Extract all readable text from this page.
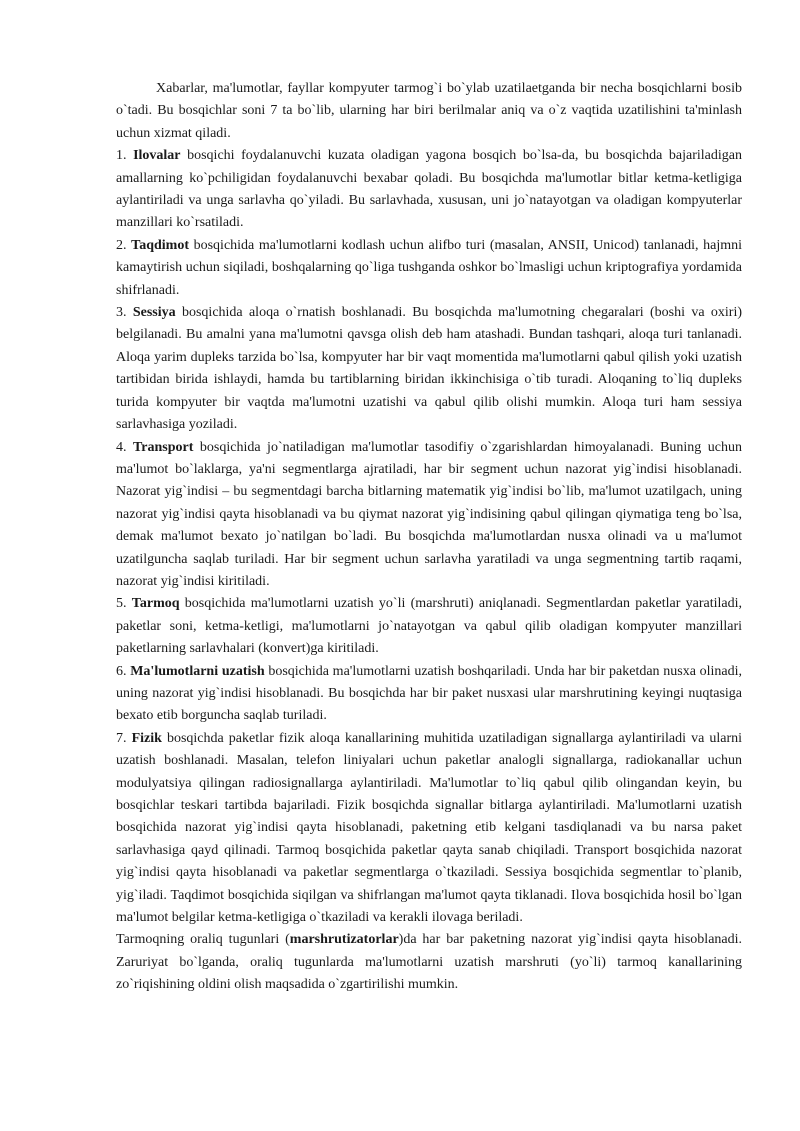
Xabarlar, ma'lumotlar, fayllar kompyuter tarmog`i bo`ylab uzatilaetganda bir necha bosqichlarni bosib o`tadi. Bu bosqichlar soni 7 ta bo`lib, ularning har biri berilmalar aniq va o`z vaqtida uzatilishini ta'minlash uchun xizmat qiladi.

1. Ilovalar bosqichi foydalanuvchi kuzata oladigan yagona bosqich bo`lsa-da, bu bosqichda bajariladigan amallarning ko`pchiligidan foydalanuvchi bexabar qoladi. Bu bosqichda ma'lumotlar bitlar ketma-ketligiga aylantiriladi va unga sarlavha qo`yiladi. Bu sarlavhada, xususan, uni jo`natayotgan va oladigan kompyuterlar manzillari ko`rsatiladi.

2. Taqdimot bosqichida ma'lumotlarni kodlash uchun alifbo turi (masalan, ANSII, Unicod) tanlanadi, hajmni kamaytirish uchun siqiladi, boshqalarning qo`liga tushganda oshkor bo`lmasligi uchun kriptografiya yordamida shifrlanadi.

3. Sessiya bosqichida aloqa o`rnatish boshlanadi. Bu bosqichda ma'lumotning chegaralari (boshi va oxiri) belgilanadi. Bu amalni yana ma'lumotni qavsga olish deb ham atashadi. Bundan tashqari, aloqa turi tanlanadi. Aloqa yarim dupleks tarzida bo`lsa, kompyuter har bir vaqt momentida ma'lumotlarni qabul qilish yoki uzatish tartibidan birida ishlaydi, hamda bu tartiblarning biridan ikkinchisiga o`tib turadi. Aloqaning to`liq dupleks turida kompyuter bir vaqtda ma'lumotni uzatishi va qabul qilib olishi mumkin. Aloqa turi ham sessiya sarlavhasiga yoziladi.

4. Transport bosqichida jo`natiladigan ma'lumotlar tasodifiy o`zgarishlardan himoyalanadi. Buning uchun ma'lumot bo`laklarga, ya'ni segmentlarga ajratiladi, har bir segment uchun nazorat yig`indisi hisoblanadi. Nazorat yig`indisi – bu segmentdagi barcha bitlarning matematik yig`indisi bo`lib, ma'lumot uzatilgach, uning nazorat yig`indisi qayta hisoblanadi va bu qiymat nazorat yig`indisining qabul qilingan qiymatiga teng bo`lsa, demak ma'lumot bexato jo`natilgan bo`ladi. Bu bosqichda ma'lumotlardan nusxa olinadi va u ma'lumot uzatilguncha saqlab turiladi. Har bir segment uchun sarlavha yaratiladi va unga segmentning tartib raqami, nazorat yig`indisi kiritiladi.

5. Tarmoq bosqichida ma'lumotlarni uzatish yo`li (marshruti) aniqlanadi. Segmentlardan paketlar yaratiladi, paketlar soni, ketma-ketligi, ma'lumotlarni jo`natayotgan va qabul qilib oladigan kompyuter manzillari paketlarning sarlavhalari (konvert)ga kiritiladi.

6. Ma'lumotlarni uzatish bosqichida ma'lumotlarni uzatish boshqariladi. Unda har bir paketdan nusxa olinadi, uning nazorat yig`indisi hisoblanadi. Bu bosqichda har bir paket nusxasi ular marshrutining keyingi nuqtasiga bexato etib borguncha saqlab turiladi.

7. Fizik bosqichda paketlar fizik aloqa kanallarining muhitida uzatiladigan signallarga aylantiriladi va ularni uzatish boshlanadi. Masalan, telefon liniyalari uchun paketlar analogli signallarga, radiokanallar uchun modulyatsiya qilingan radiosignallarga aylantiriladi. Ma'lumotlar to`liq qabul qilib olingandan keyin, bu bosqichlar teskari tartibda bajariladi. Fizik bosqichda signallar bitlarga aylantiriladi. Ma'lumotlarni uzatish bosqichida nazorat yig`indisi qayta hisoblanadi, paketning etib kelgani tasdiqlanadi va bu narsa paket sarlavhasiga qayd qilinadi. Tarmoq bosqichida paketlar qayta sanab chiqiladi. Transport bosqichida nazorat yig`indisi qayta hisoblanadi va paketlar segmentlarga o`tkaziladi. Sessiya bosqichida segmentlar to`planib, yig`iladi. Taqdimot bosqichida siqilgan va shifrlangan ma'lumot qayta tiklanadi. Ilova bosqichida hosil bo`lgan ma'lumot belgilar ketma-ketligiga o`tkaziladi va kerakli ilovaga beriladi.

Tarmoqning oraliq tugunlari (marshrutizatorlar)da har bar paketning nazorat yig`indisi qayta hisoblanadi. Zaruriyat bo`lganda, oraliq tugunlarda ma'lumotlarni uzatish marshruti (yo`li) tarmoq kanallarining zo`riqishining oldini olish maqsadida o`zgartirilishi mumkin.
